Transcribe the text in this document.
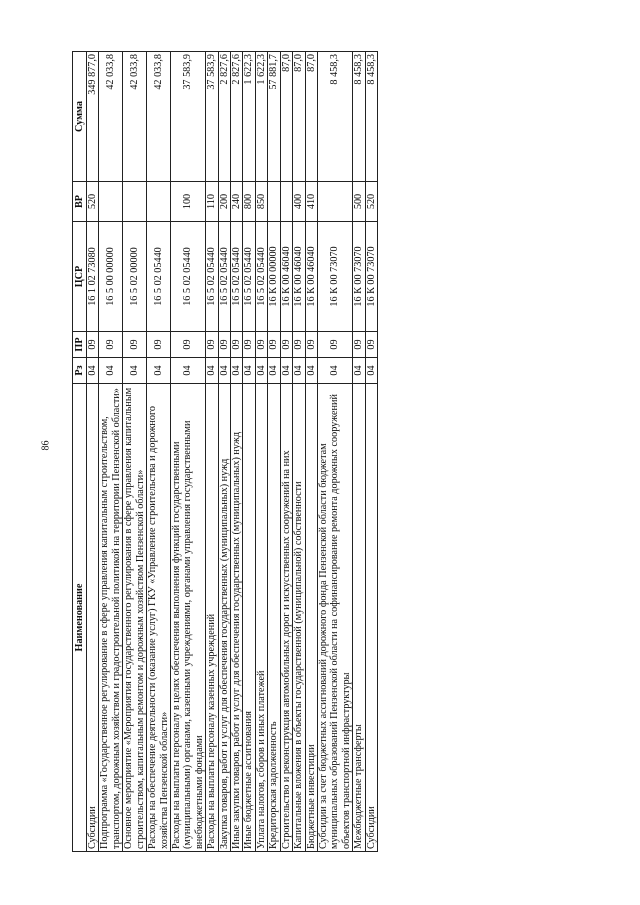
86
Наименование	Рз	ПР	ЦСР	ВР	Сумма
Субсидии	04	09	16 1 02 73080	520	349 877,0
Подпрограмма «Государственное регулирование в сфере управления капитальным строительством, транспортом, дорожным хозяйством и градостроительной политикой на территории Пензенской области»	04	09	16 5 00 00000		42 033,8
Основное мероприятие «Мероприятия государственного регулирования в сфере управления капитальным строительством, капитальным ремонтом и дорожным хозяйством Пензенской области»	04	09	16 5 02 00000		42 033,8
Расходы на обеспечение деятельности (оказание услуг) ГКУ «Управление строительства и дорожного хозяйства Пензенской области»	04	09	16 5 02 05440		42 033,8
Расходы на выплаты персоналу в целях обеспечения выполнения функций государственными (муниципальными) органами, казенными учреждениями, органами управления государственными внебюджетными фондами	04	09	16 5 02 05440	100	37 583,9
Расходы на выплаты персоналу казенных учреждений	04	09	16 5 02 05440	110	37 583,9
Закупка товаров, работ и услуг для обеспечения государственных (муниципальных) нужд	04	09	16 5 02 05440	200	2 827,6
Иные закупки товаров, работ и услуг для обеспечения государственных (муниципальных) нужд	04	09	16 5 02 05440	240	2 827,6
Иные бюджетные ассигнования	04	09	16 5 02 05440	800	1 622,3
Уплата налогов, сборов и иных платежей	04	09	16 5 02 05440	850	1 622,3
Кредиторская задолженность	04	09	16 К 00 00000		57 881,7
Строительство и реконструкция автомобильных дорог и искусственных сооружений на них	04	09	16 К 00 46040		87,0
Капитальные вложения в объекты государственной (муниципальной) собственности	04	09	16 К 00 46040	400	87,0
Бюджетные инвестиции	04	09	16 К 00 46040	410	87,0
Субсидии за счет бюджетных ассигнований дорожного фонда Пензенской области бюджетам муниципальных образований Пензенской области на софинансирование ремонта дорожных сооружений объектов транспортной инфраструктуры	04	09	16 К 00 73070		8 458,3
Межбюджетные трансферты	04	09	16 К 00 73070	500	8 458,3
Субсидии	04	09	16 К 00 73070	520	8 458,3
